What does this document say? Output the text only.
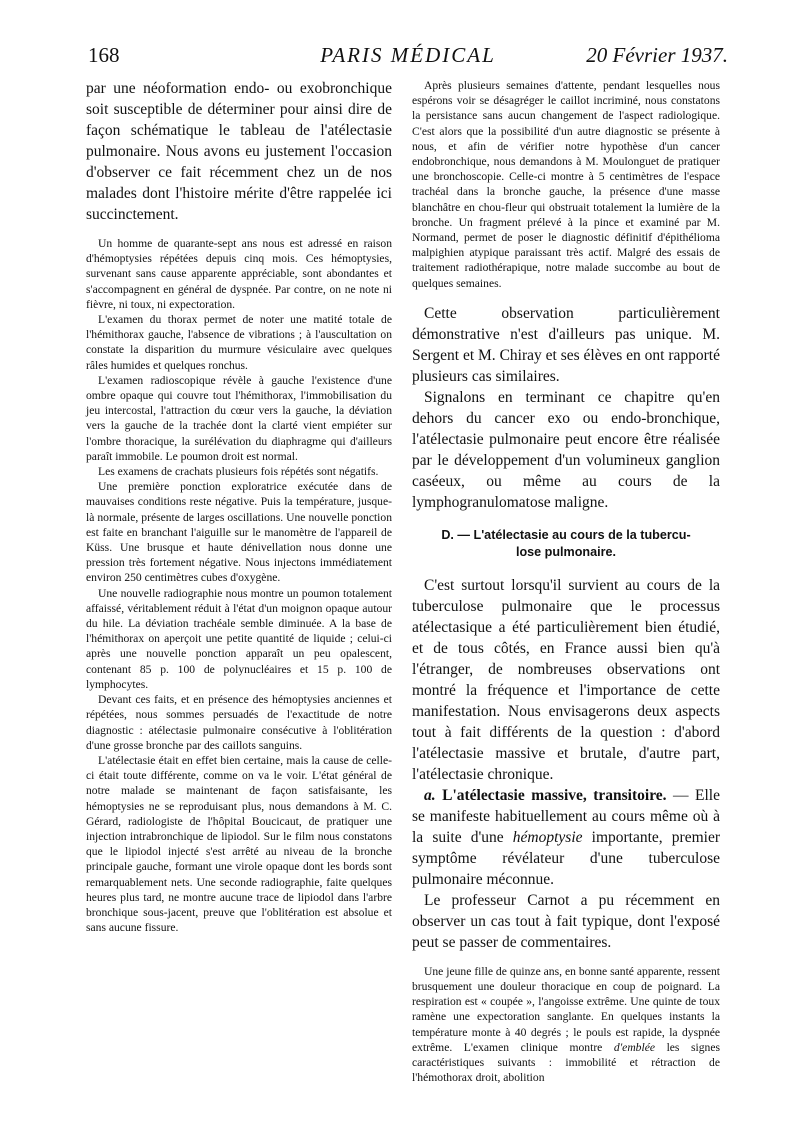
168	PARIS MÉDICAL	20 Février 1937.

par une néoformation endo- ou exobronchique soit susceptible de déterminer pour ainsi dire de façon schématique le tableau de l'atélectasie pulmonaire. Nous avons eu justement l'occasion d'observer ce fait récemment chez un de nos malades dont l'histoire mérite d'être rappelée ici succinctement.

Un homme de quarante-sept ans nous est adressé en raison d'hémoptysies répétées depuis cinq mois. Ces hémoptysies, survenant sans cause apparente appréciable, sont abondantes et s'accompagnent en général de dyspnée. Par contre, on ne note ni fièvre, ni toux, ni expectoration.

L'examen du thorax permet de noter une matité totale de l'hémithorax gauche, l'absence de vibrations ; à l'auscultation on constate la disparition du murmure vésiculaire avec quelques râles humides et quelques ronchus.

L'examen radioscopique révèle à gauche l'existence d'une ombre opaque qui couvre tout l'hémithorax, l'immobilisation du jeu intercostal, l'attraction du cœur vers la gauche, la déviation vers la gauche de la trachée dont la clarté vient empiéter sur l'ombre thoracique, la surélévation du diaphragme qui d'ailleurs paraît immobile. Le poumon droit est normal.

Les examens de crachats plusieurs fois répétés sont négatifs.

Une première ponction exploratrice exécutée dans de mauvaises conditions reste négative. Puis la température, jusque-là normale, présente de larges oscillations. Une nouvelle ponction est faite en branchant l'aiguille sur le manomètre de l'appareil de Küss. Une brusque et haute dénivellation nous donne une pression très fortement négative. Nous injectons immédiatement environ 250 centimètres cubes d'oxygène.

Une nouvelle radiographie nous montre un poumon totalement affaissé, véritablement réduit à l'état d'un moignon opaque autour du hile. La déviation trachéale semble diminuée. A la base de l'hémithorax on aperçoit une petite quantité de liquide ; celui-ci après une nouvelle ponction apparaît un peu opalescent, contenant 85 p. 100 de polynucléaires et 15 p. 100 de lymphocytes.

Devant ces faits, et en présence des hémoptysies anciennes et répétées, nous sommes persuadés de l'exactitude de notre diagnostic : atélectasie pulmonaire consécutive à l'oblitération d'une grosse bronche par des caillots sanguins.

L'atélectasie était en effet bien certaine, mais la cause de celle-ci était toute différente, comme on va le voir. L'état général de notre malade se maintenant de façon satisfaisante, les hémoptysies ne se reproduisant plus, nous demandons à M. C. Gérard, radiologiste de l'hôpital Boucicaut, de pratiquer une injection intrabronchique de lipiodol. Sur le film nous constatons que le lipiodol injecté s'est arrêté au niveau de la bronche principale gauche, formant une virole opaque dont les bords sont remarquablement nets. Une seconde radiographie, faite quelques heures plus tard, ne montre aucune trace de lipiodol dans l'arbre bronchique sous-jacent, preuve que l'oblitération est absolue et sans aucune fissure.

Après plusieurs semaines d'attente, pendant lesquelles nous espérons voir se désagréger le caillot incriminé, nous constatons la persistance sans aucun changement de l'aspect radiologique. C'est alors que la possibilité d'un autre diagnostic se présente à nous, et afin de vérifier notre hypothèse d'un cancer endobronchique, nous demandons à M. Moulonguet de pratiquer une bronchoscopie. Celle-ci montre à 5 centimètres de l'espace trachéal dans la bronche gauche, la présence d'une masse blanchâtre en chou-fleur qui obstruait totalement la lumière de la bronche. Un fragment prélevé à la pince et examiné par M. Normand, permet de poser le diagnostic définitif d'épithélioma malpighien atypique paraissant très actif. Malgré des essais de traitement radiothérapique, notre malade succombe au bout de quelques semaines.

Cette observation particulièrement démonstrative n'est d'ailleurs pas unique. M. Sergent et M. Chiray et ses élèves en ont rapporté plusieurs cas similaires.

Signalons en terminant ce chapitre qu'en dehors du cancer exo ou endo-bronchique, l'atélectasie pulmonaire peut encore être réalisée par le développement d'un volumineux ganglion caséeux, ou même au cours de la lymphogranulomatose maligne.

D. — L'atélectasie au cours de la tubercu-
lose pulmonaire.

C'est surtout lorsqu'il survient au cours de la tuberculose pulmonaire que le processus atélectasique a été particulièrement bien étudié, et de tous côtés, en France aussi bien qu'à l'étranger, de nombreuses observations ont montré la fréquence et l'importance de cette manifestation. Nous envisagerons deux aspects tout à fait différents de la question : d'abord l'atélectasie massive et brutale, d'autre part, l'atélectasie chronique.

a. L'atélectasie massive, transitoire. — Elle se manifeste habituellement au cours même où à la suite d'une hémoptysie importante, premier symptôme révélateur d'une tuberculose pulmonaire méconnue.

Le professeur Carnot a pu récemment en observer un cas tout à fait typique, dont l'exposé peut se passer de commentaires.

Une jeune fille de quinze ans, en bonne santé apparente, ressent brusquement une douleur thoracique en coup de poignard. La respiration est « coupée », l'angoisse extrême. Une quinte de toux ramène une expectoration sanglante. En quelques instants la température monte à 40 degrés ; le pouls est rapide, la dyspnée extrême. L'examen clinique montre d'emblée les signes caractéristiques suivants : immobilité et rétraction de l'hémothorax droit, abolition
